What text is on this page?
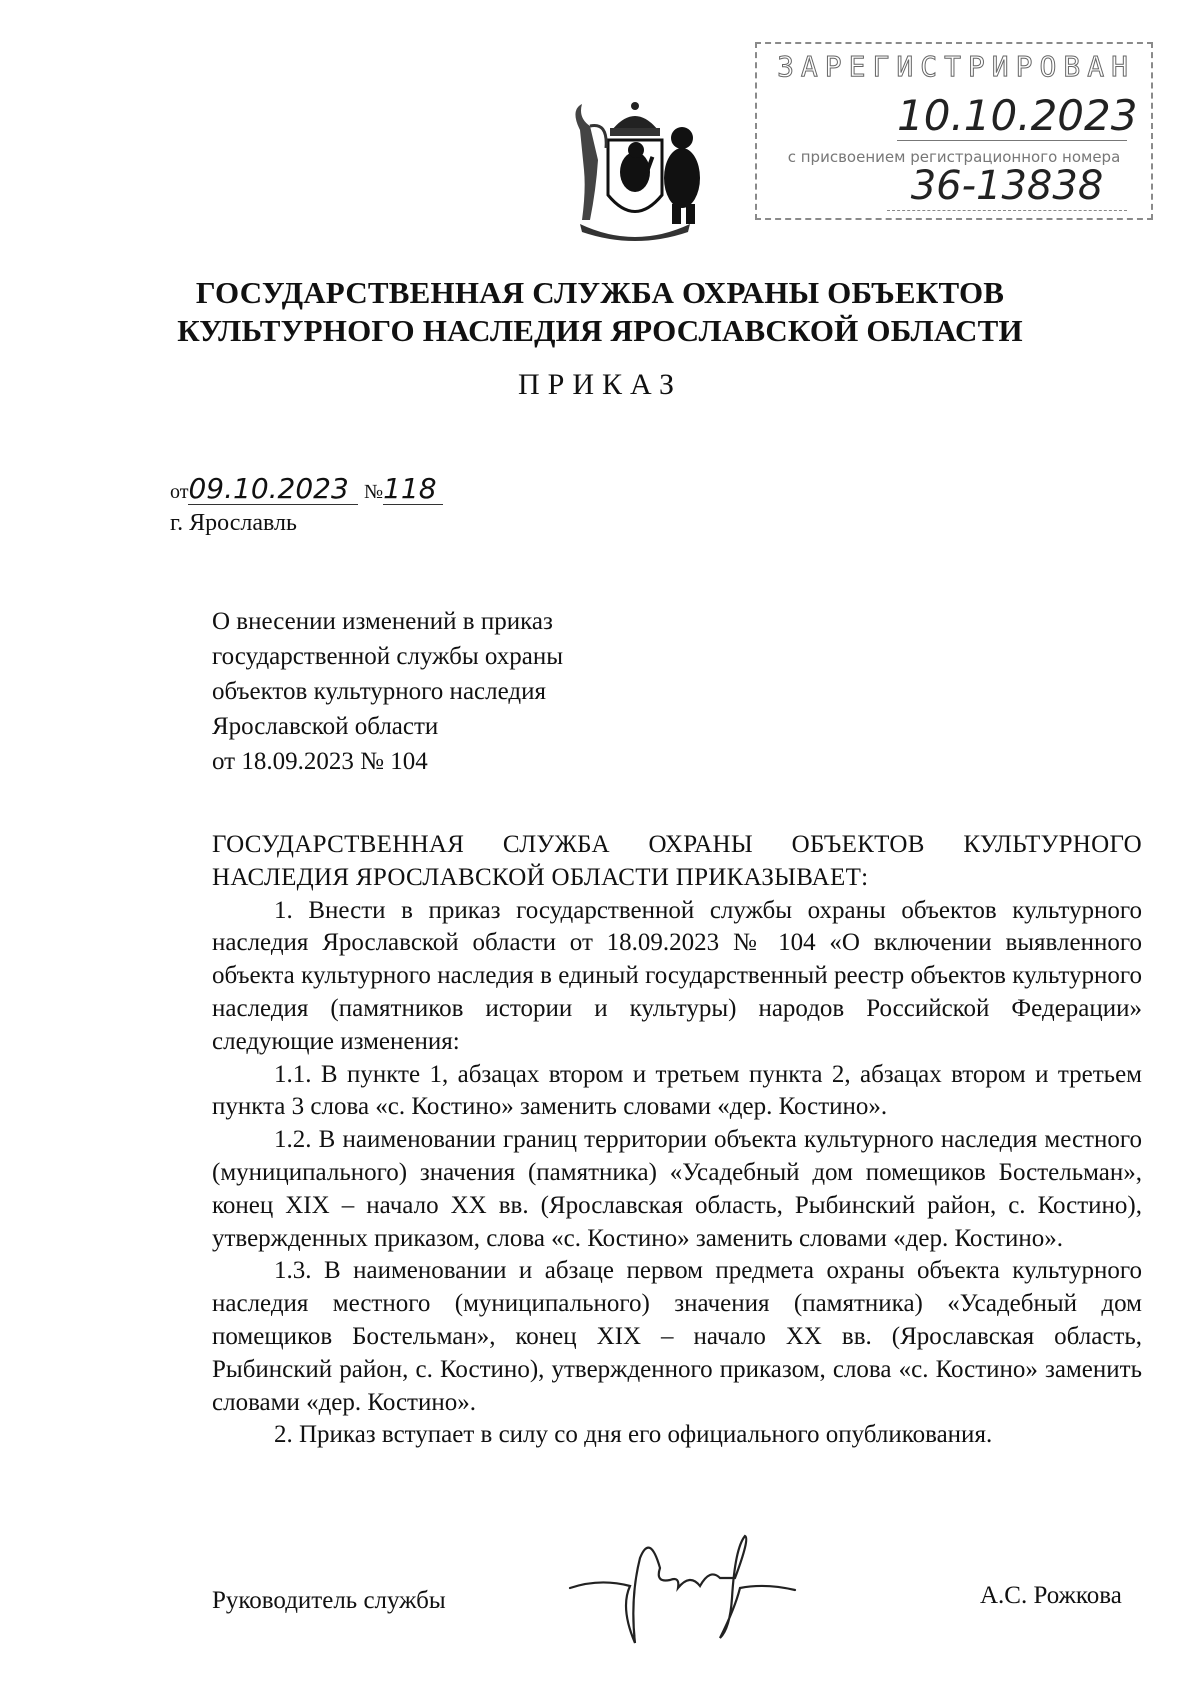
ЗАРЕГИСТРИРОВАН
10.10.2023
с присвоением регистрационного номера
36-13838
ГОСУДАРСТВЕННАЯ СЛУЖБА ОХРАНЫ ОБЪЕКТОВ
КУЛЬТУРНОГО НАСЛЕДИЯ ЯРОСЛАВСКОЙ ОБЛАСТИ
ПРИКАЗ
от09.10.2023 №118
г. Ярославль
О внесении изменений в приказ
государственной службы охраны
объектов культурного наследия
Ярославской области
от 18.09.2023 № 104

ГОСУДАРСТВЕННАЯ СЛУЖБА ОХРАНЫ ОБЪЕКТОВ КУЛЬТУРНОГО НАСЛЕДИЯ ЯРОСЛАВСКОЙ ОБЛАСТИ ПРИКАЗЫВАЕТ:

1. Внести в приказ государственной службы охраны объектов культурного наследия Ярославской области от 18.09.2023 № 104 «О включении выявленного объекта культурного наследия в единый государственный реестр объектов культурного наследия (памятников истории и культуры) народов Российской Федерации» следующие изменения:

1.1. В пункте 1, абзацах втором и третьем пункта 2, абзацах втором и третьем пункта 3 слова «с. Костино» заменить словами «дер. Костино».

1.2. В наименовании границ территории объекта культурного наследия местного (муниципального) значения (памятника) «Усадебный дом помещиков Бостельман», конец XIX – начало XX вв. (Ярославская область, Рыбинский район, с. Костино), утвержденных приказом, слова «с. Костино» заменить словами «дер. Костино».

1.3. В наименовании и абзаце первом предмета охраны объекта культурного наследия местного (муниципального) значения (памятника) «Усадебный дом помещиков Бостельман», конец XIX – начало XX вв. (Ярославская область, Рыбинский район, с. Костино), утвержденного приказом, слова «с. Костино» заменить словами «дер. Костино».

2. Приказ вступает в силу со дня его официального опубликования.

Руководитель службы	А.С. Рожкова
